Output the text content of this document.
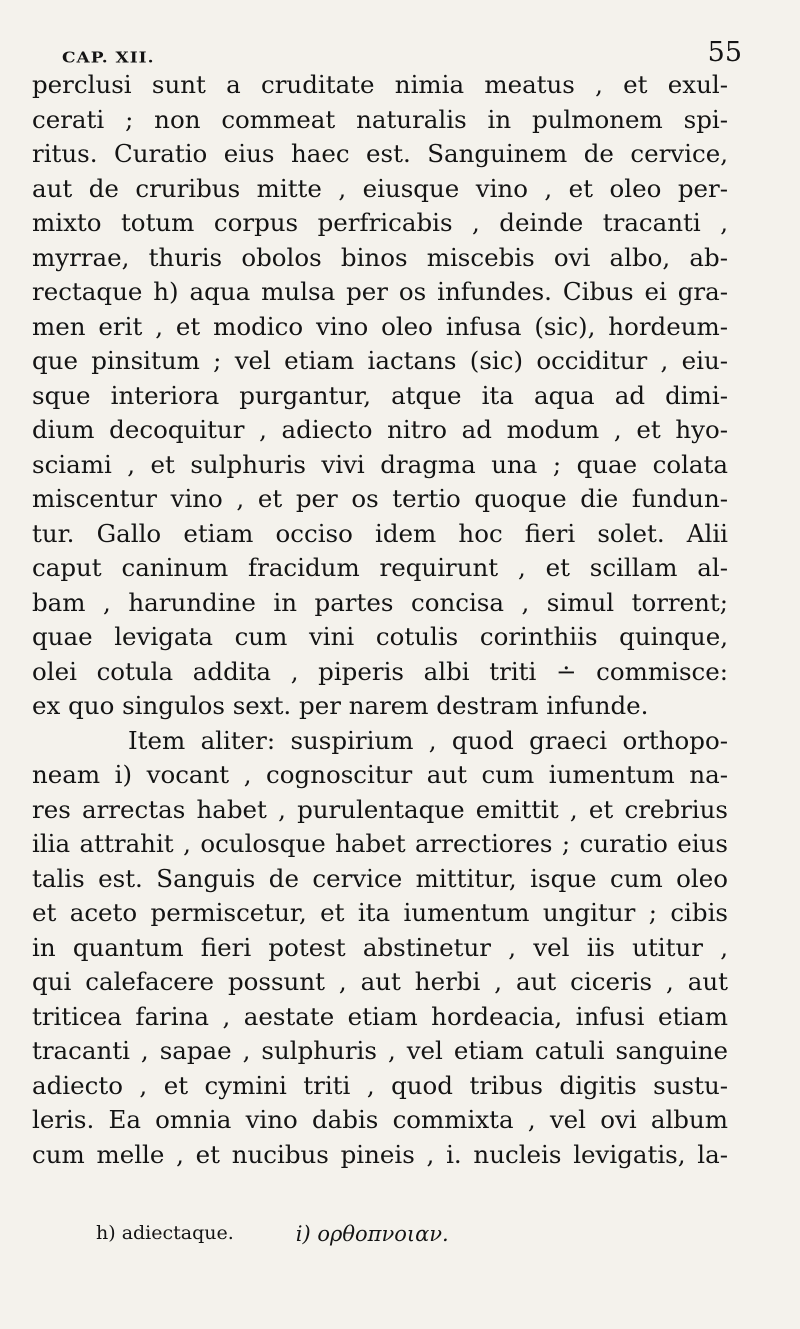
CAP. XII.	55
perclusi sunt a cruditate nimia meatus , et exul-
cerati ; non commeat naturalis in pulmonem spi-
ritus. Curatio eius haec est. Sanguinem de cervice,
aut de cruribus mitte , eiusque vino , et oleo per-
mixto totum corpus perfricabis , deinde tracanti ,
myrrae, thuris obolos binos miscebis ovi albo, ab-
rectaque h) aqua mulsa per os infundes. Cibus ei gra-
men erit , et modico vino oleo infusa (sic), hordeum-
que pinsitum ; vel etiam iactans (sic) occiditur , eiu-
sque interiora purgantur, atque ita aqua ad dimi-
dium decoquitur , adiecto nitro ad modum , et hyo-
sciami , et sulphuris vivi dragma una ; quae colata
miscentur vino , et per os tertio quoque die fundun-
tur. Gallo etiam occiso idem hoc fieri solet. Alii
caput caninum fracidum requirunt , et scillam al-
bam , harundine in partes concisa , simul torrent;
quae levigata cum vini cotulis corinthiis quinque,
olei cotula addita , piperis albi triti ∸ commisce:
ex quo singulos sext. per narem destram infunde.
Item aliter: suspirium , quod graeci orthopo-
neam i) vocant , cognoscitur aut cum iumentum na-
res arrectas habet , purulentaque emittit , et crebrius
ilia attrahit , oculosque habet arrectiores ; curatio eius
talis est. Sanguis de cervice mittitur, isque cum oleo
et aceto permiscetur, et ita iumentum ungitur ; cibis
in quantum fieri potest abstinetur , vel iis utitur ,
qui calefacere possunt , aut herbi , aut ciceris , aut
triticea farina , aestate etiam hordeacia, infusi etiam
tracanti , sapae , sulphuris , vel etiam catuli sanguine
adiecto , et cymini triti , quod tribus digitis sustu-
leris. Ea omnia vino dabis commixta , vel ovi album
cum melle , et nucibus pineis , i. nucleis levigatis, la-
h) adiectaque.	i) ορθοπνοιαν.
